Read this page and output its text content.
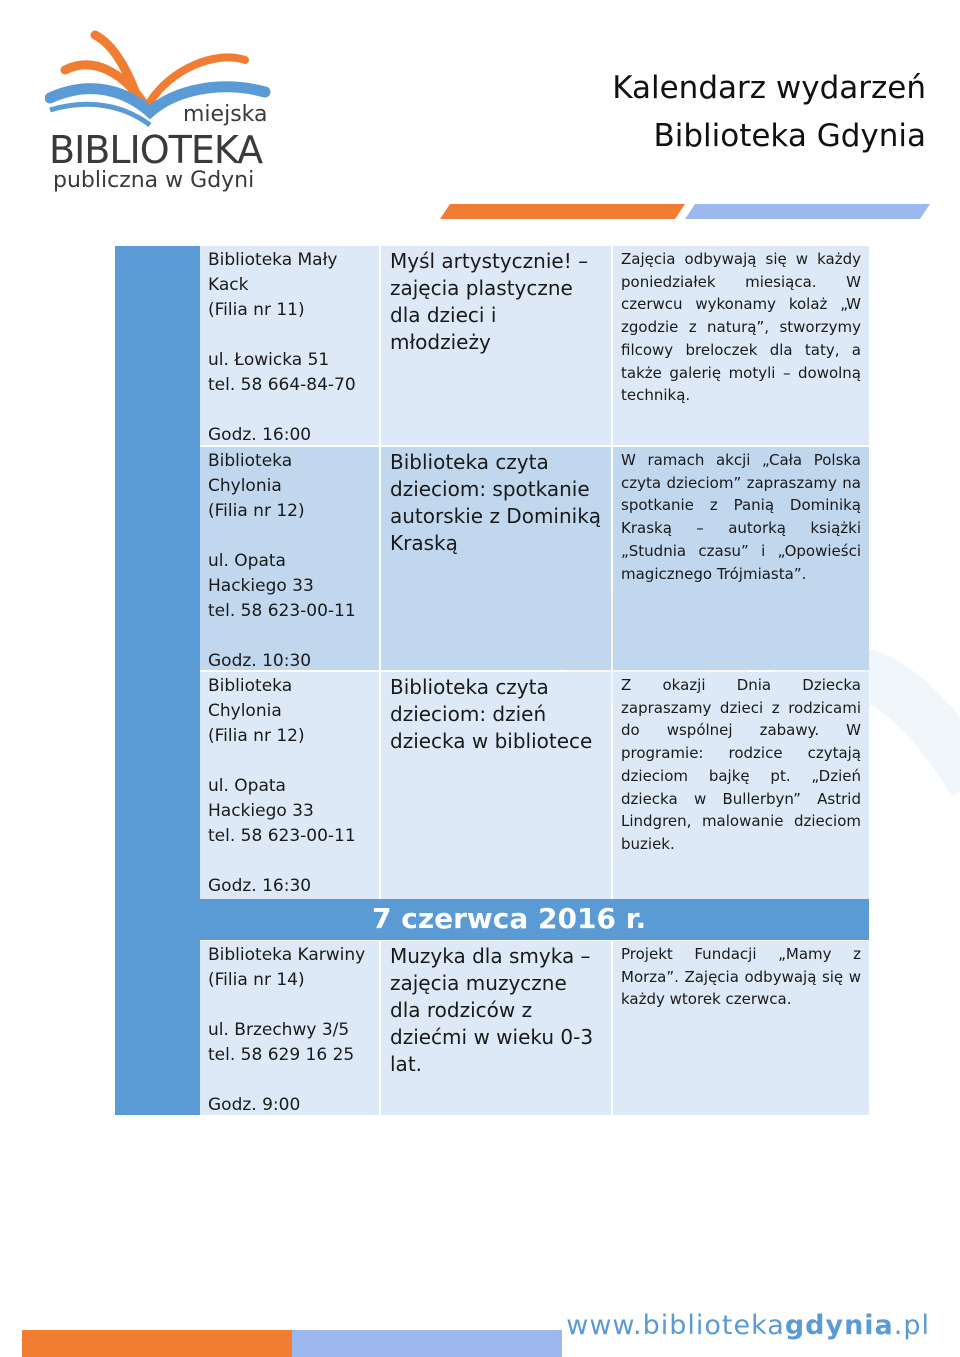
miejska
BIBLIOTEKA
publiczna w Gdyni
Kalendarz wydarzeń
Biblioteka Gdynia
Biblioteka Mały
Kack
(Filia nr 11)

ul. Łowicka 51
tel. 58 664-84-70

Godz. 16:00
Myśl artystycznie! – zajęcia plastyczne dla dzieci i młodzieży
Zajęcia odbywają się w każdy poniedziałek miesiąca. W czerwcu wykonamy kolaż „W zgodzie z naturą”, stworzymy filcowy breloczek dla taty, a także galerię motyli – dowolną techniką.
Biblioteka
Chylonia
(Filia nr 12)

ul. Opata
Hackiego 33
tel. 58 623-00-11

Godz. 10:30
Biblioteka czyta dzieciom: spotkanie autorskie z Dominiką Kraską
W ramach akcji „Cała Polska czyta dzieciom” zapraszamy na spotkanie z Panią Dominiką Kraską – autorką książki „Studnia czasu” i „Opowieści magicznego Trójmiasta”.
Biblioteka
Chylonia
(Filia nr 12)

ul. Opata
Hackiego 33
tel. 58 623-00-11

Godz. 16:30
Biblioteka czyta dzieciom: dzień dziecka w bibliotece
Z okazji Dnia Dziecka zapraszamy dzieci z rodzicami do wspólnej zabawy. W programie: rodzice czytają dzieciom bajkę pt. „Dzień dziecka w Bullerbyn” Astrid Lindgren, malowanie dzieciom buziek.
7 czerwca 2016 r.
Biblioteka Karwiny
(Filia nr 14)

ul. Brzechwy 3/5
tel. 58 629 16 25

Godz. 9:00
Muzyka dla smyka – zajęcia muzyczne dla rodziców z dziećmi w wieku 0-3 lat.
Projekt Fundacji „Mamy z Morza”. Zajęcia odbywają się w każdy wtorek czerwca.
www.bibliotekagdynia.pl
